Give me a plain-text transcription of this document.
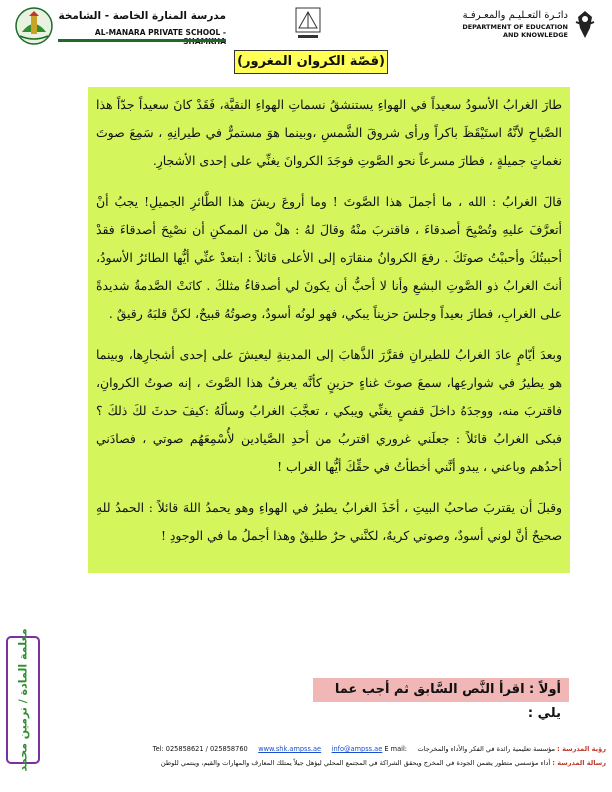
مدرسة المنارة الخاصة - الشامخة
AL-MANARA PRIVATE SCHOOL -
دائـرة التعـليـم والمعـرفـة
DEPARTMENT OF EDUCATION
AND KNOWLEDGE
(قصّة الكروان المغرور)

طارَ الغرابُ الأسودُ سعيداً في الهواءِ يستنشقُ نسماتِ الهواءِ النقيَّة، فَقَدْ كانَ سعيداً جدّاً هذا الصَّباحِ لأنَّهُ استَيْقَظَ باكراً ورأى شروقَ الشَّمسِ ،وبينما هوَ مستمرٌّ في طيرانِهِ ، سَمِعَ صوتَ نغماتٍ جميلةٍ ، فطارَ مسرعاً نحو الصَّوتِ فوجَدَ الكروانَ يغنِّي على إحدى الأشجارِ.

قالَ الغرابُ : الله ، ما أجملَ هذا الصَّوتَ ! وما أروعَ ريشَ هذا الطَّائرِ الجميلِ! يجبُ أنْ أتعرَّفَ عليهِ وتُصْبِحَ أصدقاءَ ، فاقتربَ منْهُ وقالَ لهُ : هلْ من الممكنِ أن نصْبِحَ أصدقاءَ فقدْ أحببتُكَ وأحببْتُ صوتَكَ . رفعَ الكروانُ منقارَه إلى الأعلى قائلاً : ابتعدْ عنِّي أيُّها الطائرُ الأسودُ، أنتَ الغرابُ ذو الصَّوتِ البشعِ وأنا لا أحبُّ أن يكونَ لي أصدقاءُ مثلكَ . كانَتْ الصَّدمةُ شديدةً على الغرابِ، فطارَ بعيداً وجلسَ حزيناً يبكي، فهو لونُه أسودٌ، وصوتُهُ قبيحٌ، لكنَّ قلبَهُ رقيقٌ .

وبعدَ أيّامٍ عادَ الغرابُ للطيرانِ فقرَّرَ الذَّهابَ إلى المدينةِ ليعيشَ على إحدى أشجارِها، وبينما هو يطيرُ في شوارعِها، سمعَ صوتَ غناءٍ حزينٍ كأنَّه يعرفُ هذا الصَّوتَ ، إنه صوتُ الكروانِ، فاقتربَ منه، ووجدَهُ داخلَ قفصٍ يغنِّي ويبكي ، تعجَّبَ الغرابُ وسألَهُ :كيفَ حدثَ لكَ ذلكَ ؟ فبكى الغرابُ قائلاً : جعلَني غروري اقتربُ من أحدِ الصَّيادين لأُسْمِعَهُم صوتي ، فصادَني أحدُهم وباعني ، يبدو أنَّني أخطأتُ في حقِّكَ أيُّها الغراب !

وقبلَ أن يقتربَ صاحبُ البيتِ ، أخَذَ الغرابُ يطيرُ في الهواءِ وهو يحمدُ اللهَ قائلاً : الحمدُ للهِ صحيحٌ أنَّ لوني أسودٌ، وصوتي كريهٌ، لكنَّني حرٌ طليقٌ وهذا أجملُ ما في الوجودِ !

أولاً : اقرأ النَّص السَّابق ثم أجب عما يلي :
معلمة المادة / نرمين محمد	رؤية المدرسة : مؤسسة تعليمية رائدة في الفكر والأداء والمخرجات     Tel: 025858621 / 025858760 www.shk.ampss.ae info@ampss.ae E mail:
رسالة المدرسة : أداء مؤسسي متطور يضمن الجودة في المخرج ويحقق الشراكة في المجتمع المحلي ليؤهل جيلاً يمتلك المعارف والمهارات والقيم، وينتمي للوطن
